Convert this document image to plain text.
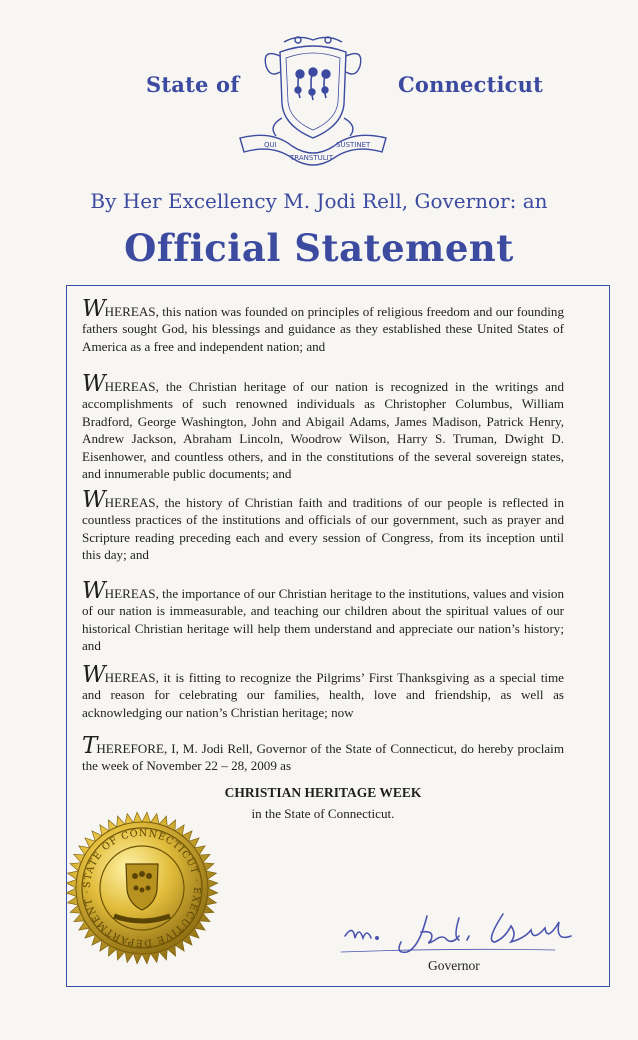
State of
QUI
TRANSTULIT
SUSTINET
Connecticut
By Her Excellency M. Jodi Rell, Governor: an
Official Statement
WHEREAS, this nation was founded on principles of religious freedom and our founding fathers sought God, his blessings and guidance as they established these United States of America as a free and independent nation; and
WHEREAS, the Christian heritage of our nation is recognized in the writings and accomplishments of such renowned individuals as Christopher Columbus, William Bradford, George Washington, John and Abigail Adams, James Madison, Patrick Henry, Andrew Jackson, Abraham Lincoln, Woodrow Wilson, Harry S. Truman, Dwight D. Eisenhower, and countless others, and in the constitutions of the several sovereign states, and innumerable public documents; and
WHEREAS, the history of Christian faith and traditions of our people is reflected in countless practices of the institutions and officials of our government, such as prayer and Scripture reading preceding each and every session of Congress, from its inception until this day; and
WHEREAS, the importance of our Christian heritage to the institutions, values and vision of our nation is immeasurable, and teaching our children about the spiritual values of our historical Christian heritage will help them understand and appreciate our nation’s history; and
WHEREAS, it is fitting to recognize the Pilgrims’ First Thanksgiving as a special time and reason for celebrating our families, health, love and friendship, as well as acknowledging our nation’s Christian heritage; now
THEREFORE, I, M. Jodi Rell, Governor of the State of Connecticut, do hereby proclaim the week of November 22 – 28, 2009 as
CHRISTIAN HERITAGE WEEK
in the State of Connecticut.
STATE OF CONNECTICUT · EXECUTIVE DEPARTMENT ·
Governor
